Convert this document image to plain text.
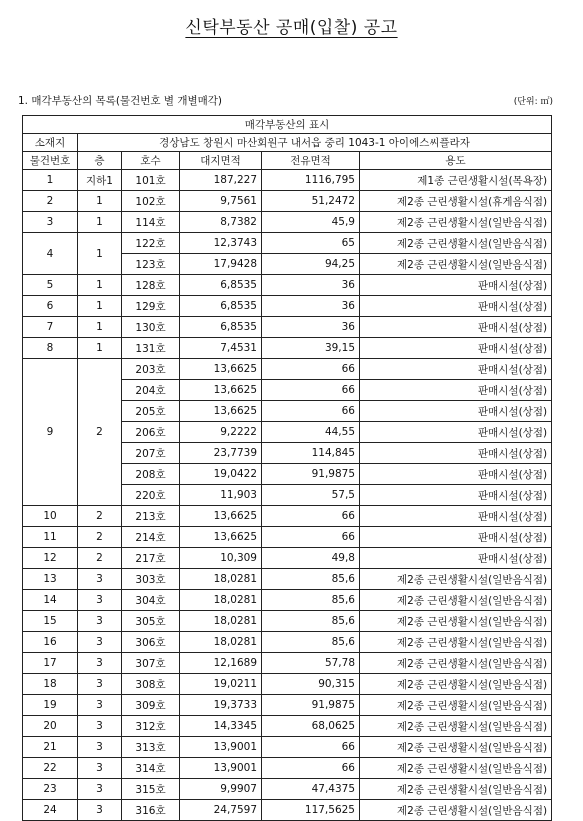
신탁부동산 공매(입찰) 공고
1. 매각부동산의 목록(물건번호 별 개별매각)	(단위: ㎡)
매각부동산의 표시					
소재지	경상남도 창원시 마산회원구 내서읍 중리 1043-1 아이에스씨플라자				
물건번호	층	호수	대지면적	전유면적	용도
1	지하1	101호	187,227	1116,795	제1종 근린생활시설(목욕장)
2	1	102호	9,7561	51,2472	제2종 근린생활시설(휴게음식점)
3	1	114호	8,7382	45,9	제2종 근린생활시설(일반음식점)
4	1	122호	12,3743	65	제2종 근린생활시설(일반음식점)
		123호	17,9428	94,25	제2종 근린생활시설(일반음식점)
5	1	128호	6,8535	36	판매시설(상점)
6	1	129호	6,8535	36	판매시설(상점)
7	1	130호	6,8535	36	판매시설(상점)
8	1	131호	7,4531	39,15	판매시설(상점)
9	2	203호	13,6625	66	판매시설(상점)
		204호	13,6625	66	판매시설(상점)
		205호	13,6625	66	판매시설(상점)
		206호	9,2222	44,55	판매시설(상점)
		207호	23,7739	114,845	판매시설(상점)
		208호	19,0422	91,9875	판매시설(상점)
		220호	11,903	57,5	판매시설(상점)
10	2	213호	13,6625	66	판매시설(상점)
11	2	214호	13,6625	66	판매시설(상점)
12	2	217호	10,309	49,8	판매시설(상점)
13	3	303호	18,0281	85,6	제2종 근린생활시설(일반음식점)
14	3	304호	18,0281	85,6	제2종 근린생활시설(일반음식점)
15	3	305호	18,0281	85,6	제2종 근린생활시설(일반음식점)
16	3	306호	18,0281	85,6	제2종 근린생활시설(일반음식점)
17	3	307호	12,1689	57,78	제2종 근린생활시설(일반음식점)
18	3	308호	19,0211	90,315	제2종 근린생활시설(일반음식점)
19	3	309호	19,3733	91,9875	제2종 근린생활시설(일반음식점)
20	3	312호	14,3345	68,0625	제2종 근린생활시설(일반음식점)
21	3	313호	13,9001	66	제2종 근린생활시설(일반음식점)
22	3	314호	13,9001	66	제2종 근린생활시설(일반음식점)
23	3	315호	9,9907	47,4375	제2종 근린생활시설(일반음식점)
24	3	316호	24,7597	117,5625	제2종 근린생활시설(일반음식점)
